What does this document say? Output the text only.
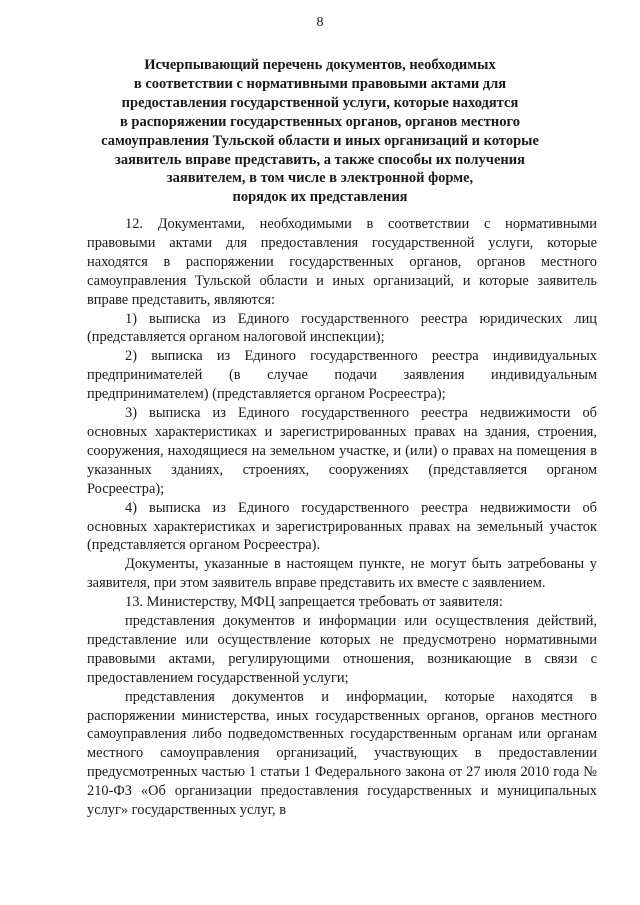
8
Исчерпывающий перечень документов, необходимых
в соответствии с нормативными правовыми актами для
предоставления государственной услуги, которые находятся
в распоряжении государственных органов, органов местного
самоуправления Тульской области и иных организаций и которые
заявитель вправе представить, а также способы их получения
заявителем, в том числе в электронной форме,
порядок их представления

12. Документами, необходимыми в соответствии с нормативными правовыми актами для предоставления государственной услуги, которые находятся в распоряжении государственных органов, органов местного самоуправления Тульской области и иных организаций, и которые заявитель вправе представить, являются:

1) выписка из Единого государственного реестра юридических лиц (представляется органом налоговой инспекции);

2) выписка из Единого государственного реестра индивидуальных предпринимателей (в случае подачи заявления индивидуальным предпринимателем) (представляется органом Росреестра);

3) выписка из Единого государственного реестра недвижимости об основных характеристиках и зарегистрированных правах на здания, строения, сооружения, находящиеся на земельном участке, и (или) о правах на помещения в указанных зданиях, строениях, сооружениях (представляется органом Росреестра);

4) выписка из Единого государственного реестра недвижимости об основных характеристиках и зарегистрированных правах на земельный участок (представляется органом Росреестра).

Документы, указанные в настоящем пункте, не могут быть затребованы у заявителя, при этом заявитель вправе представить их вместе с заявлением.

13. Министерству, МФЦ запрещается требовать от заявителя:

представления документов и информации или осуществления действий, представление или осуществление которых не предусмотрено нормативными правовыми актами, регулирующими отношения, возникающие в связи с предоставлением государственной услуги;

представления документов и информации, которые находятся в распоряжении министерства, иных государственных органов, органов местного самоуправления либо подведомственных государственным органам или органам местного самоуправления организаций, участвующих в предоставлении предусмотренных частью 1 статьи 1 Федерального закона от 27 июля 2010 года № 210-ФЗ «Об организации предоставления государственных и муниципальных услуг» государственных услуг, в
